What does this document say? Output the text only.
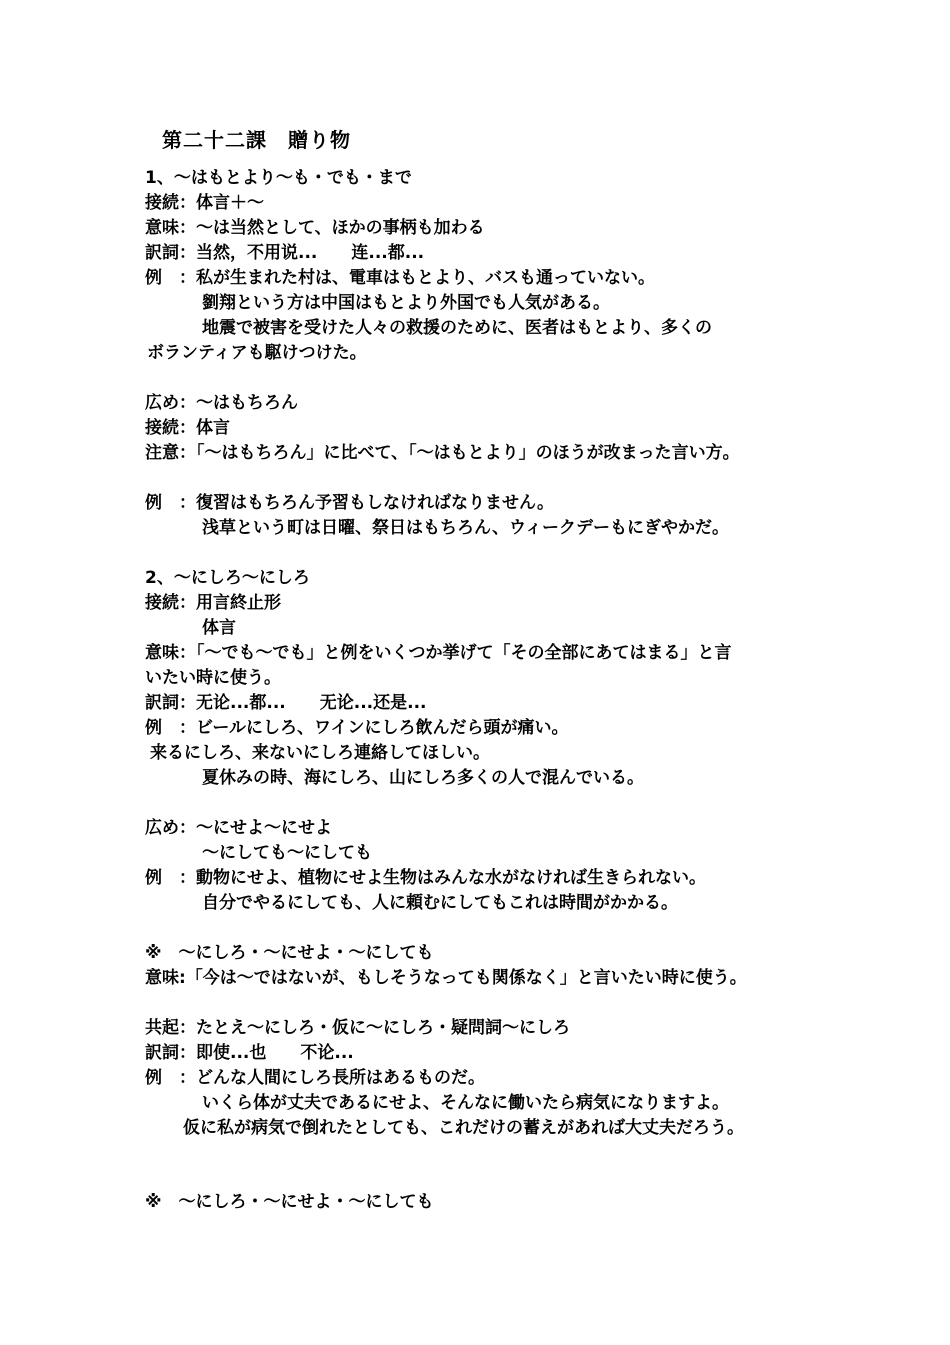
第二十二課　贈り物
1、～はもとより～も・でも・まで
接続：体言＋～
意味：～は当然として、ほかの事柄も加わる
訳詞：当然，不用说...　　连...都...
例　：私が生まれた村は、電車はもとより、バスも通っていない。
劉翔という方は中国はもとより外国でも人気がある。
地震で被害を受けた人々の救援のために、医者はもとより、多くの
ボランティアも駆けつけた。
広め：～はもちろん
接続：体言
注意：「～はもちろん」に比べて、「～はもとより」のほうが改まった言い方。
例　：復習はもちろん予習もしなければなりません。
浅草という町は日曜、祭日はもちろん、ウィークデーもにぎやかだ。
2、～にしろ～にしろ
接続：用言終止形
体言
意味：「～でも～でも」と例をいくつか挙げて「その全部にあてはまる」と言
いたい時に使う。
訳詞：无论...都...　　无论...还是...
例　：ビールにしろ、ワインにしろ飲んだら頭が痛い。
来るにしろ、来ないにしろ連絡してほしい。
夏休みの時、海にしろ、山にしろ多くの人で混んでいる。
広め：～にせよ～にせよ
～にしても～にしても
例　：動物にせよ、植物にせよ生物はみんな水がなければ生きられない。
自分でやるにしても、人に頼むにしてもこれは時間がかかる。
※　～にしろ・～にせよ・～にしても
意味:「今は～ではないが、もしそうなっても関係なく」と言いたい時に使う。
共起：たとえ～にしろ・仮に～にしろ・疑問詞～にしろ
訳詞：即使...也　　不论...
例　：どんな人間にしろ長所はあるものだ。
いくら体が丈夫であるにせよ、そんなに働いたら病気になりますよ。
仮に私が病気で倒れたとしても、これだけの蓄えがあれば大丈夫だろう。
※　～にしろ・～にせよ・～にしても
